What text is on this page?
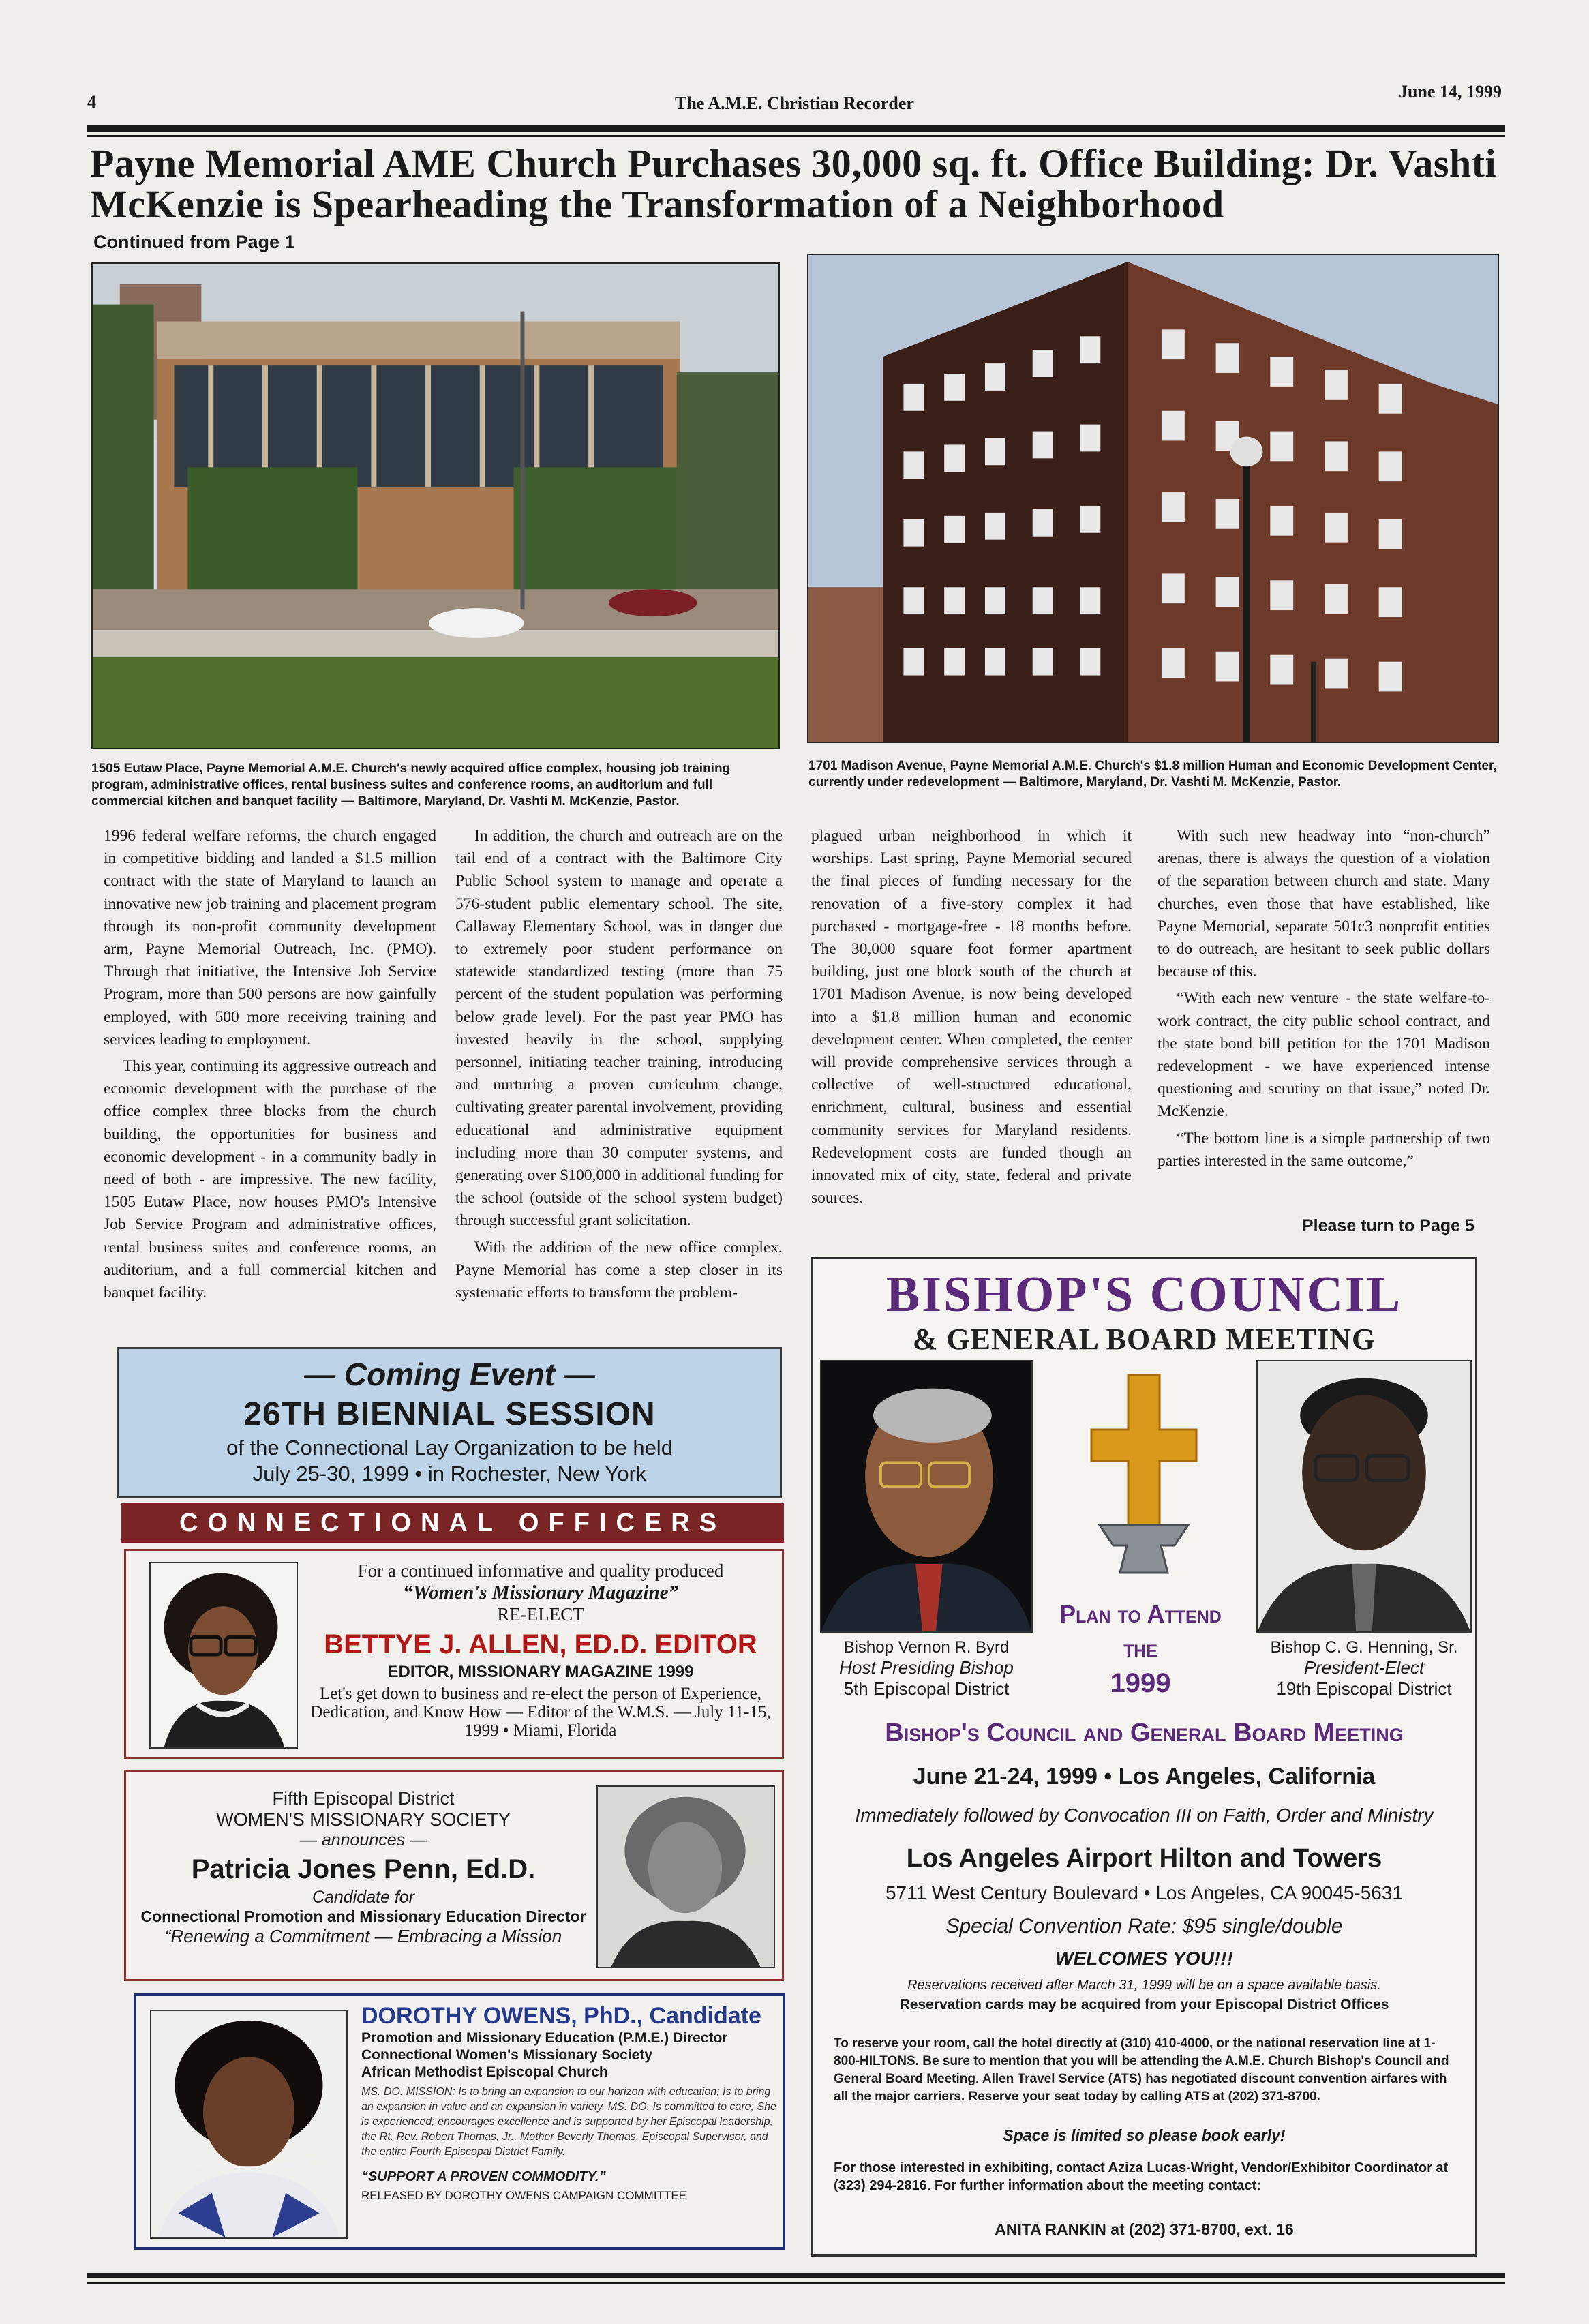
4	The A.M.E. Christian Recorder
June 14, 1999
Payne Memorial AME Church Purchases 30,000 sq. ft. Office Building: Dr. Vashti McKenzie is Spearheading the Transformation of a Neighborhood
Continued from Page 1
1505 Eutaw Place, Payne Memorial A.M.E. Church's newly acquired office complex, housing job training program, administrative offices, rental business suites and conference rooms, an auditorium and full commercial kitchen and banquet facility — Baltimore, Maryland, Dr. Vashti M. McKenzie, Pastor.
1701 Madison Avenue, Payne Memorial A.M.E. Church's $1.8 million Human and Economic Development Center, currently under redevelopment — Baltimore, Maryland, Dr. Vashti M. McKenzie, Pastor.

1996 federal welfare reforms, the church engaged in competitive bidding and landed a $1.5 million contract with the state of Maryland to launch an innovative new job training and placement program through its non-profit community development arm, Payne Memorial Outreach, Inc. (PMO). Through that initiative, the Intensive Job Service Program, more than 500 persons are now gainfully employed, with 500 more receiving training and services leading to employment.

This year, continuing its aggressive outreach and economic development with the purchase of the office complex three blocks from the church building, the opportunities for business and economic development - in a community badly in need of both - are impressive. The new facility, 1505 Eutaw Place, now houses PMO's Intensive Job Service Program and administrative offices, rental business suites and conference rooms, an auditorium, and a full commercial kitchen and banquet facility.

In addition, the church and outreach are on the tail end of a contract with the Baltimore City Public School system to manage and operate a 576-student public elementary school. The site, Callaway Elementary School, was in danger due to extremely poor student performance on statewide standardized testing (more than 75 percent of the student population was performing below grade level). For the past year PMO has invested heavily in the school, supplying personnel, initiating teacher training, introducing and nurturing a proven curriculum change, cultivating greater parental involvement, providing educational and administrative equipment including more than 30 computer systems, and generating over $100,000 in additional funding for the school (outside of the school system budget) through successful grant solicitation.

With the addition of the new office complex, Payne Memorial has come a step closer in its systematic efforts to transform the problem-

plagued urban neighborhood in which it worships. Last spring, Payne Memorial secured the final pieces of funding necessary for the renovation of a five-story complex it had purchased - mortgage-free - 18 months before. The 30,000 square foot former apartment building, just one block south of the church at 1701 Madison Avenue, is now being developed into a $1.8 million human and economic development center. When completed, the center will provide comprehensive services through a collective of well-structured educational, enrichment, cultural, business and essential community services for Maryland residents. Redevelopment costs are funded though an innovated mix of city, state, federal and private sources.

With such new headway into “non-church” arenas, there is always the question of a violation of the separation between church and state. Many churches, even those that have established, like Payne Memorial, separate 501c3 nonprofit entities to do outreach, are hesitant to seek public dollars because of this.

“With each new venture - the state welfare-to-work contract, the city public school contract, and the state bond bill petition for the 1701 Madison redevelopment - we have experienced intense questioning and scrutiny on that issue,” noted Dr. McKenzie.

“The bottom line is a simple partnership of two parties interested in the same outcome,”

Please turn to Page 5
— Coming Event —
26TH BIENNIAL SESSION
of the Connectional Lay Organization to be held
July 25-30, 1999 • in Rochester, New York
CONNECTIONAL OFFICERS
For a continued informative and quality produced
“Women's Missionary Magazine”
RE-ELECT
BETTYE J. ALLEN, ED.D. EDITOR
EDITOR, MISSIONARY MAGAZINE 1999
Let's get down to business and re-elect the person of Experience, Dedication, and Know How — Editor of the W.M.S. — July 11-15, 1999 • Miami, Florida
Fifth Episcopal District
WOMEN'S MISSIONARY SOCIETY
— announces —
Patricia Jones Penn, Ed.D.
Candidate for
Connectional Promotion and Missionary Education Director
“Renewing a Commitment — Embracing a Mission
DOROTHY OWENS, PhD., Candidate
Promotion and Missionary Education (P.M.E.) Director
Connectional Women's Missionary Society
African Methodist Episcopal Church
MS. DO. MISSION: Is to bring an expansion to our horizon with education; Is to bring an expansion in value and an expansion in variety. MS. DO. Is committed to care; She is experienced; encourages excellence and is supported by her Episcopal leadership, the Rt. Rev. Robert Thomas, Jr., Mother Beverly Thomas, Episcopal Supervisor, and the entire Fourth Episcopal District Family.
“SUPPORT A PROVEN COMMODITY.”
RELEASED BY DOROTHY OWENS CAMPAIGN COMMITTEE
BISHOP'S COUNCIL
& GENERAL BOARD MEETING
Bishop Vernon R. Byrd
Host Presiding Bishop
5th Episcopal District
Bishop C. G. Henning, Sr.
President-Elect
19th Episcopal District
Plan to Attend
the
1999
Bishop's Council and General Board Meeting
June 21-24, 1999 • Los Angeles, California
Immediately followed by Convocation III on Faith, Order and Ministry
Los Angeles Airport Hilton and Towers
5711 West Century Boulevard • Los Angeles, CA 90045-5631
Special Convention Rate: $95 single/double
WELCOMES YOU!!!
Reservations received after March 31, 1999 will be on a space available basis.
Reservation cards may be acquired from your Episcopal District Offices
To reserve your room, call the hotel directly at (310) 410-4000, or the national reservation line at 1-800-HILTONS. Be sure to mention that you will be attending the A.M.E. Church Bishop's Council and General Board Meeting. Allen Travel Service (ATS) has negotiated discount convention airfares with all the major carriers. Reserve your seat today by calling ATS at (202) 371-8700.
Space is limited so please book early!
For those interested in exhibiting, contact Aziza Lucas-Wright, Vendor/Exhibitor Coordinator at (323) 294-2816. For further information about the meeting contact:
ANITA RANKIN at (202) 371-8700, ext. 16
